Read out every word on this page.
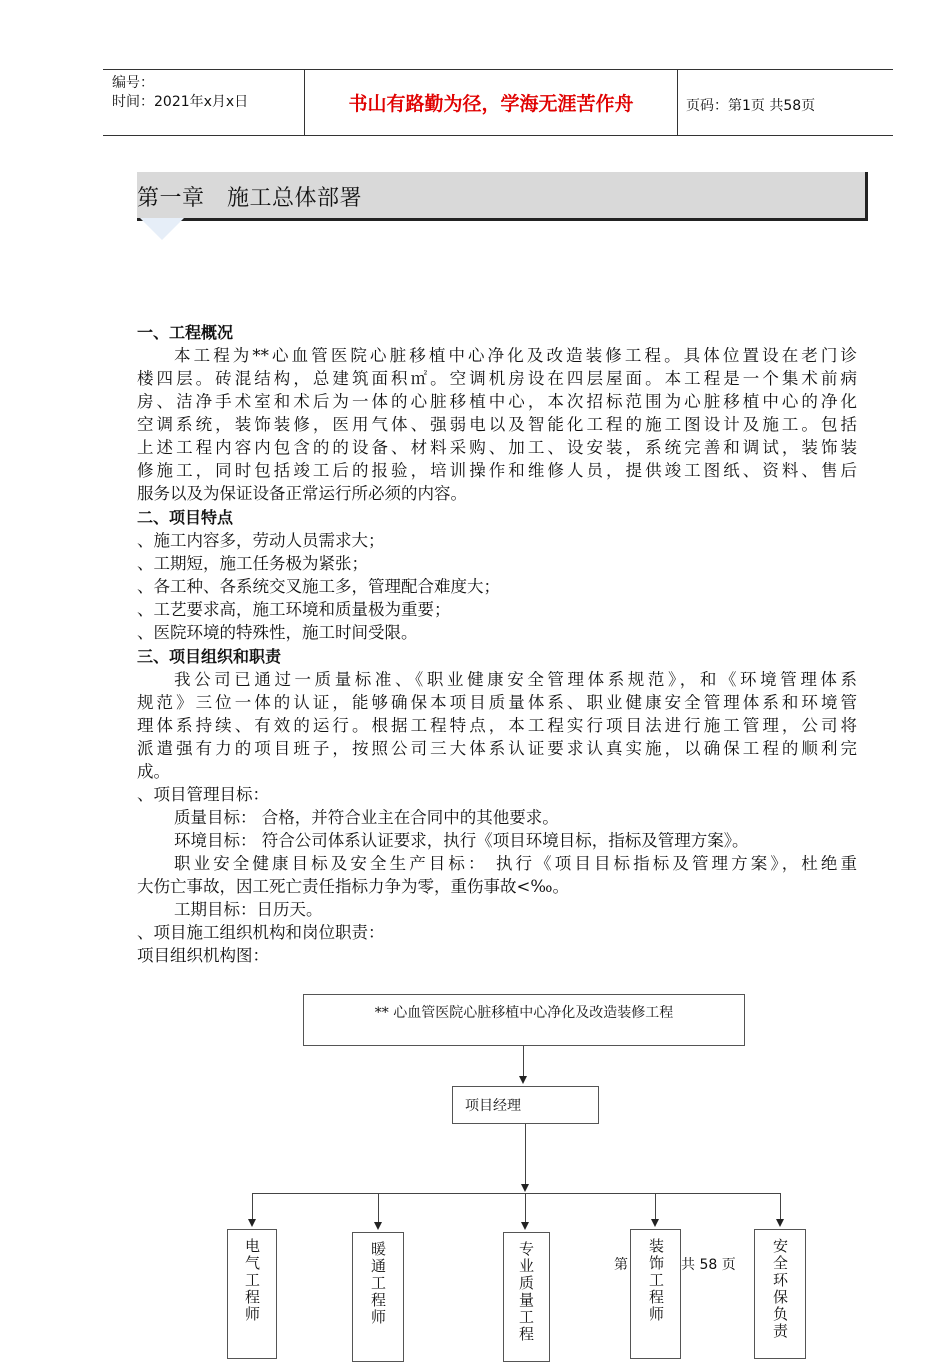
编号：
时间：2021年x月x日	书山有路勤为径，学海无涯苦作舟	页码：第1页 共58页
第一章   施工总体部署
一、工程概况
本工程为**心血管医院心脏移植中心净化及改造装修工程。具体位置设在老门诊
楼四层。砖混结构，总建筑面积㎡。空调机房设在四层屋面。本工程是一个集术前病
房、洁净手术室和术后为一体的心脏移植中心，本次招标范围为心脏移植中心的净化
空调系统，装饰装修，医用气体、强弱电以及智能化工程的施工图设计及施工。包括
上述工程内容内包含的的设备、材料采购、加工、设安装，系统完善和调试，装饰装
修施工，同时包括竣工后的报验，培训操作和维修人员，提供竣工图纸、资料、售后
服务以及为保证设备正常运行所必须的内容。
二、项目特点
、施工内容多，劳动人员需求大；
、工期短，施工任务极为紧张；
、各工种、各系统交叉施工多，管理配合难度大；
、工艺要求高，施工环境和质量极为重要；
、医院环境的特殊性，施工时间受限。
三、项目组织和职责
我公司已通过一质量标准、《职业健康安全管理体系规范》，和《环境管理体系
规范》三位一体的认证，能够确保本项目质量体系、职业健康安全管理体系和环境管
理体系持续、有效的运行。根据工程特点，本工程实行项目法进行施工管理，公司将
派遣强有力的项目班子，按照公司三大体系认证要求认真实施，以确保工程的顺利完
成。
、项目管理目标：
质量目标： 合格，并符合业主在合同中的其他要求。
环境目标： 符合公司体系认证要求，执行《项目环境目标，指标及管理方案》。
职业安全健康目标及安全生产目标： 执行《项目目标指标及管理方案》，杜绝重
大伤亡事故，因工死亡责任指标力争为零，重伤事故<‰。
工期目标：日历天。
、项目施工组织机构和岗位职责：
项目组织机构图：
** 心血管医院心脏移植中心净化及改造装修工程
项目经理
电气工程师	暖通工程师	专业质量工程	装饰工程师	安全环保负责
第	共 58 页
